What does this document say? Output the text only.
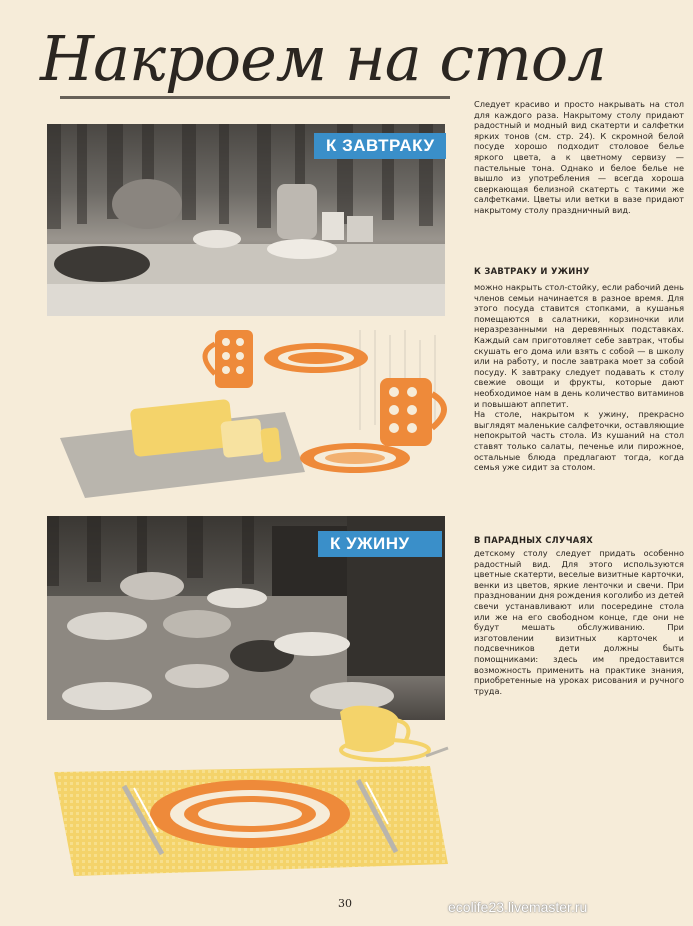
Накроем на стол
К ЗАВТРАКУ
К УЖИНУ

Следует красиво и просто накрывать на стол для каждого раза. Накрытому столу придают радостный и модный вид скатерти и салфетки ярких тонов (см. стр. 24). К скромной белой посуде хорошо подходит столовое белье яркого цвета, а к цветному сервизу — пастельные тона. Однако и белое белье не вышло из употребления — всегда хороша сверкающая белизной скатерть с такими же салфетками. Цветы или ветки в вазе придают накрытому столу праздничный вид.

К ЗАВТРАКУ И УЖИНУ

можно накрыть стол-стойку, если рабочий день членов семьи начинается в разное время. Для этого посуда ставится стопками, а кушанья помещаются в салатники, корзиночки или неразрезанными на деревянных подставках. Каждый сам приготовляет себе завтрак, чтобы скушать его дома или взять с собой — в школу или на работу, и после завтрака моет за собой посуду. К завтраку следует подавать к столу свежие овощи и фрукты, которые дают необходимое нам в день количество витаминов и повышают аппетит.

На столе, накрытом к ужину, прекрасно выглядят маленькие салфеточки, оставляющие непокрытой часть стола. Из кушаний на стол ставят только салаты, печенье или пирожное, остальные блюда предлагают тогда, когда семья уже сидит за столом.

В ПАРАДНЫХ СЛУЧАЯХ

детскому столу следует придать особенно радостный вид. Для этого используются цветные скатерти, веселые визитные карточки, венки из цветов, яркие ленточки и свечи. При праздновании дня рождения коголибо из детей свечи устанавливают или посередине стола или же на его свободном конце, где они не будут мешать обслуживанию. При изготовлении визитных карточек и подсвечников дети должны быть помощниками: здесь им предоставится возможность применить на практике знания, приобретенные на уроках рисования и ручного труда.

30	ecolife23.livemaster.ru
